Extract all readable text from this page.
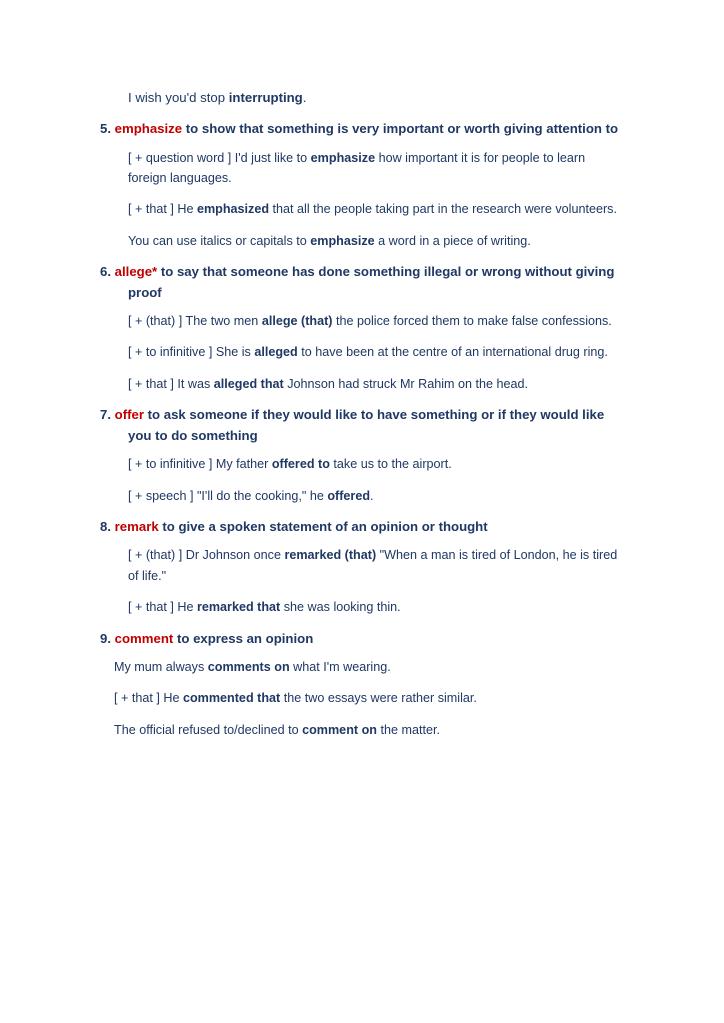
I wish you'd stop interrupting.

5. emphasize to show that something is very important or worth giving attention to

[ + question word ] I'd just like to emphasize how important it is for people to learn foreign languages.

[ + that ] He emphasized that all the people taking part in the research were volunteers.

You can use italics or capitals to emphasize a word in a piece of writing.

6. allege* to say that someone has done something illegal or wrong without giving proof

[ + (that) ] The two men allege (that) the police forced them to make false confessions.

[ + to infinitive ] She is alleged to have been at the centre of an international drug ring.

[ + that ] It was alleged that Johnson had struck Mr Rahim on the head.

7. offer to ask someone if they would like to have something or if they would like you to do something

[ + to infinitive ] My father offered to take us to the airport.

[ + speech ] "I'll do the cooking," he offered.

8. remark to give a spoken statement of an opinion or thought

[ + (that) ] Dr Johnson once remarked (that) "When a man is tired of London, he is tired of life."

[ + that ] He remarked that she was looking thin.

9. comment to express an opinion

My mum always comments on what I'm wearing.

[ + that ] He commented that the two essays were rather similar.

The official refused to/declined to comment on the matter.
